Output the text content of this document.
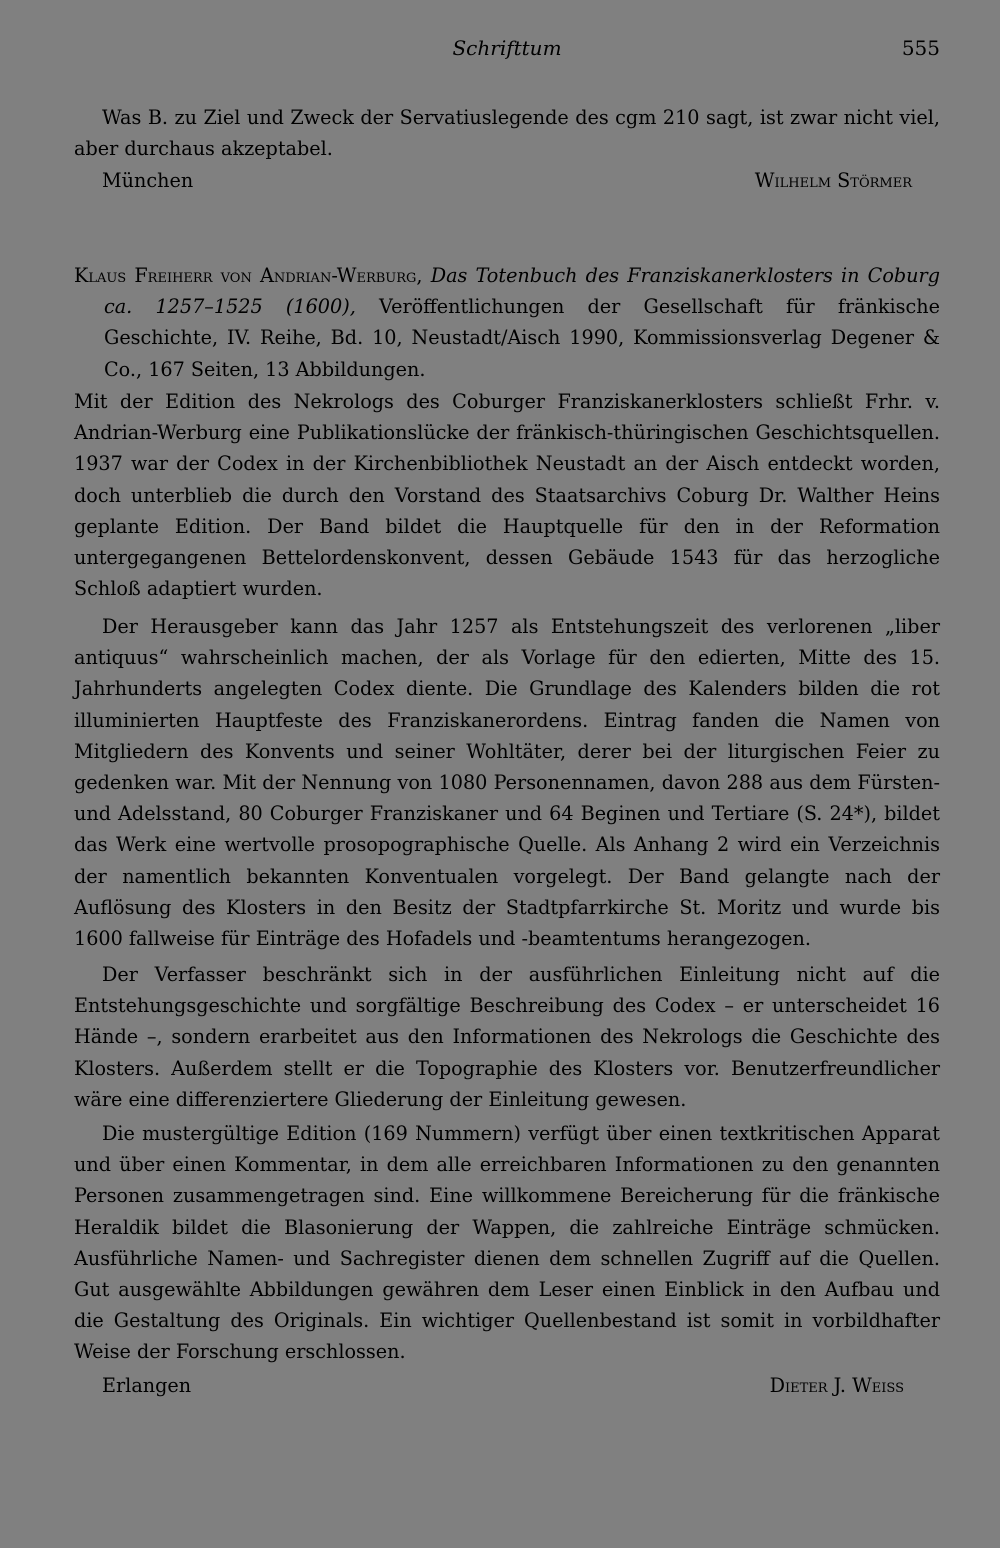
Schrifttum	555

Was B. zu Ziel und Zweck der Servatiuslegende des cgm 210 sagt, ist zwar nicht viel, aber durchaus akzeptabel.

München	Wilhelm Störmer

Klaus Freiherr von Andrian-Werburg, Das Totenbuch des Franziskanerklosters in Coburg ca. 1257–1525 (1600), Veröffentlichungen der Gesellschaft für fränkische Geschichte, IV. Reihe, Bd. 10, Neustadt/Aisch 1990, Kommissionsverlag Degener & Co., 167 Seiten, 13 Abbildungen.

Mit der Edition des Nekrologs des Coburger Franziskanerklosters schließt Frhr. v. Andrian-Werburg eine Publikationslücke der fränkisch-thüringischen Geschichtsquellen. 1937 war der Codex in der Kirchenbibliothek Neustadt an der Aisch entdeckt worden, doch unterblieb die durch den Vorstand des Staatsarchivs Coburg Dr. Walther Heins geplante Edition. Der Band bildet die Hauptquelle für den in der Reformation untergegangenen Bettelordenskonvent, dessen Gebäude 1543 für das herzogliche Schloß adaptiert wurden.

Der Herausgeber kann das Jahr 1257 als Entstehungszeit des verlorenen „liber antiquus“ wahrscheinlich machen, der als Vorlage für den edierten, Mitte des 15. Jahrhunderts angelegten Codex diente. Die Grundlage des Kalenders bilden die rot illuminierten Hauptfeste des Franziskanerordens. Eintrag fanden die Namen von Mitgliedern des Konvents und seiner Wohltäter, derer bei der liturgischen Feier zu gedenken war. Mit der Nennung von 1080 Personennamen, davon 288 aus dem Fürsten- und Adelsstand, 80 Coburger Franziskaner und 64 Beginen und Tertiare (S. 24*), bildet das Werk eine wertvolle prosopographische Quelle. Als Anhang 2 wird ein Verzeichnis der namentlich bekannten Konventualen vorgelegt. Der Band gelangte nach der Auflösung des Klosters in den Besitz der Stadtpfarrkirche St. Moritz und wurde bis 1600 fallweise für Einträge des Hofadels und -beamtentums herangezogen.

Der Verfasser beschränkt sich in der ausführlichen Einleitung nicht auf die Entstehungsgeschichte und sorgfältige Beschreibung des Codex – er unterscheidet 16 Hände –, sondern erarbeitet aus den Informationen des Nekrologs die Geschichte des Klosters. Außerdem stellt er die Topographie des Klosters vor. Benutzerfreundlicher wäre eine differenziertere Gliederung der Einleitung gewesen.

Die mustergültige Edition (169 Nummern) verfügt über einen textkritischen Apparat und über einen Kommentar, in dem alle erreichbaren Informationen zu den genannten Personen zusammengetragen sind. Eine willkommene Bereicherung für die fränkische Heraldik bildet die Blasonierung der Wappen, die zahlreiche Einträge schmücken. Ausführliche Namen- und Sachregister dienen dem schnellen Zugriff auf die Quellen. Gut ausgewählte Abbildungen gewähren dem Leser einen Einblick in den Aufbau und die Gestaltung des Originals. Ein wichtiger Quellenbestand ist somit in vorbildhafter Weise der Forschung erschlossen.

Erlangen	Dieter J. Weiss
